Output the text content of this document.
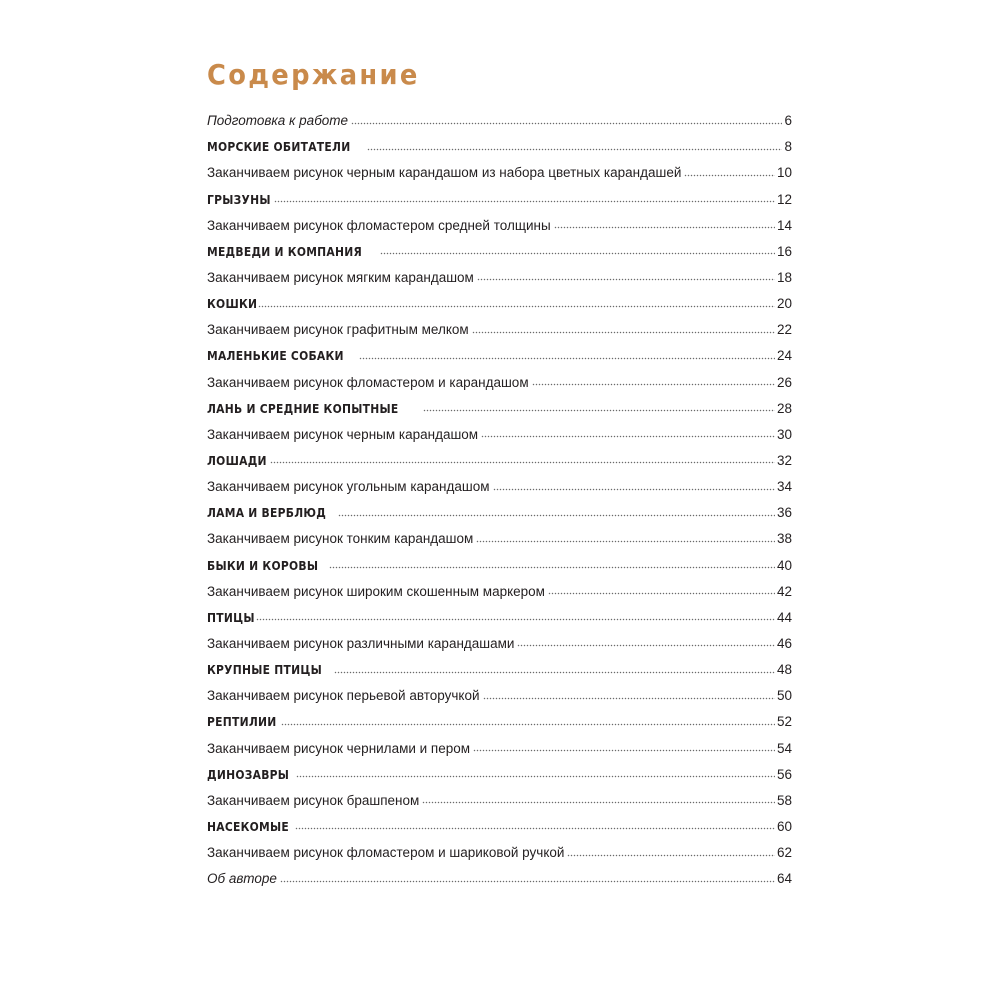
Содержание
Подготовка к работе	6
МОРСКИЕ ОБИТАТЕЛИ	8
Заканчиваем рисунок черным карандашом из набора цветных карандашей	10
ГРЫЗУНЫ	12
Заканчиваем рисунок фломастером средней толщины	14
МЕДВЕДИ И КОМПАНИЯ	16
Заканчиваем рисунок мягким карандашом	18
КОШКИ	20
Заканчиваем рисунок графитным мелком	22
МАЛЕНЬКИЕ СОБАКИ	24
Заканчиваем рисунок фломастером и карандашом	26
ЛАНЬ И СРЕДНИЕ КОПЫТНЫЕ	28
Заканчиваем рисунок черным карандашом	30
ЛОШАДИ	32
Заканчиваем рисунок угольным карандашом	34
ЛАМА И ВЕРБЛЮД	36
Заканчиваем рисунок тонким карандашом	38
БЫКИ И КОРОВЫ	40
Заканчиваем рисунок широким скошенным маркером	42
ПТИЦЫ	44
Заканчиваем рисунок различными карандашами	46
КРУПНЫЕ ПТИЦЫ	48
Заканчиваем рисунок перьевой авторучкой	50
РЕПТИЛИИ	52
Заканчиваем рисунок чернилами и пером	54
ДИНОЗАВРЫ	56
Заканчиваем рисунок брашпеном	58
НАСЕКОМЫЕ	60
Заканчиваем рисунок фломастером и шариковой ручкой	62
Об авторе	64
